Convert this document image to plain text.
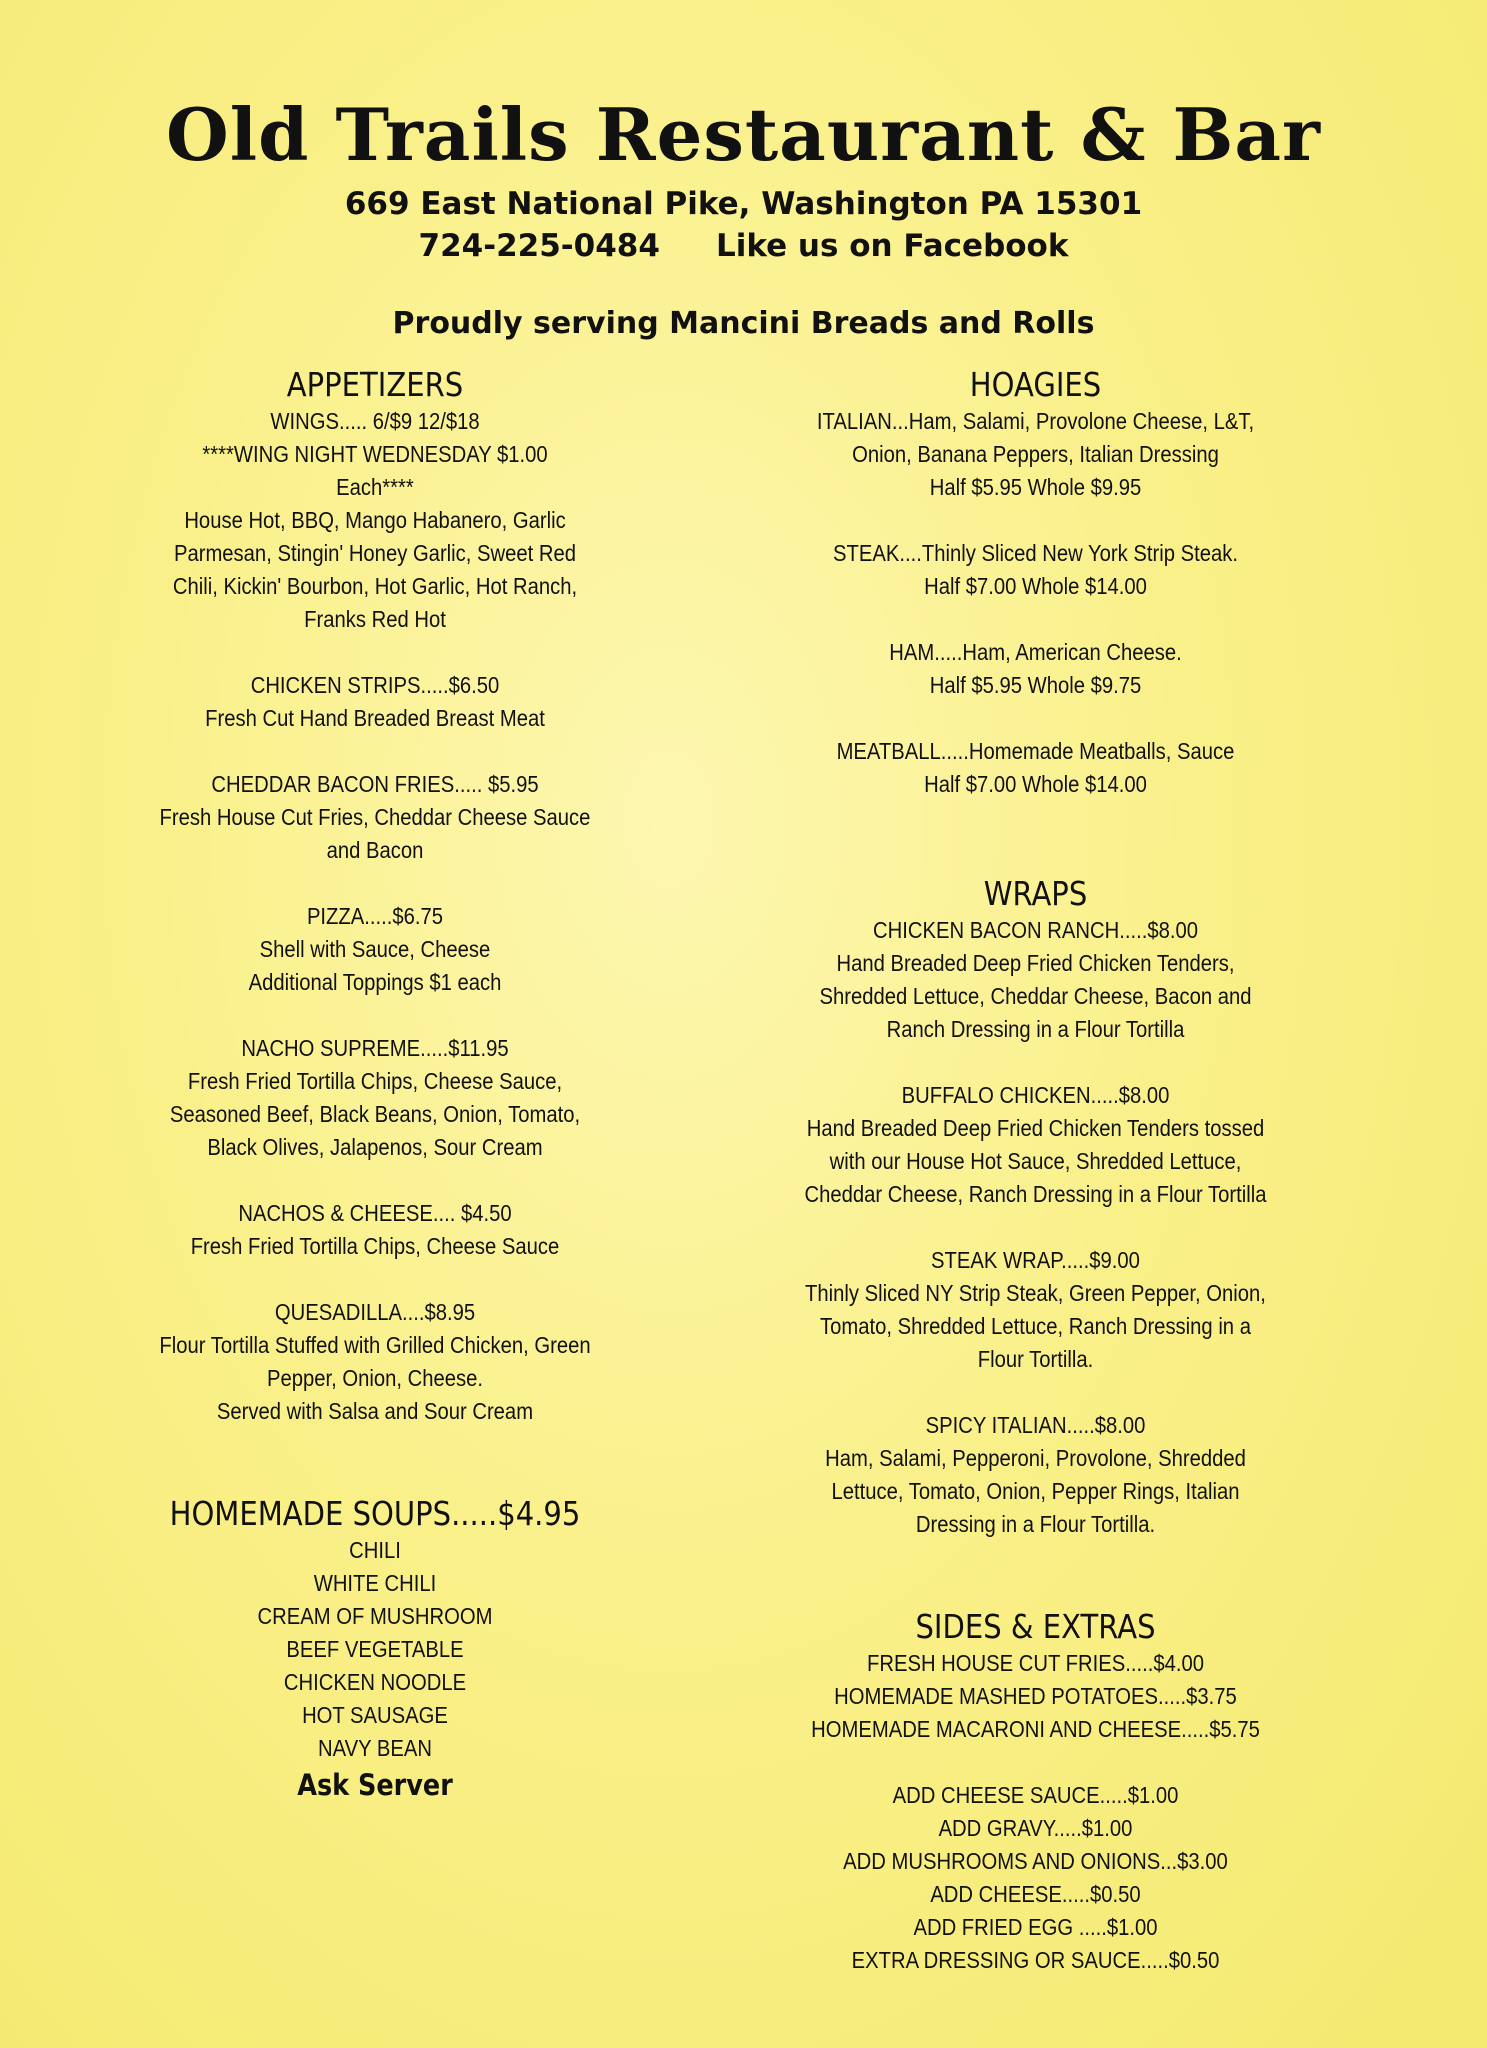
Old Trails Restaurant & Bar
669 East National Pike, Washington PA 15301
724-225-0484 Like us on Facebook
Proudly serving Mancini Breads and Rolls
APPETIZERS
WINGS..... 6/$9 12/$18
****WING NIGHT WEDNESDAY $1.00
Each****
House Hot, BBQ, Mango Habanero, Garlic Parmesan, Stingin' Honey Garlic, Sweet Red Chili, Kickin' Bourbon, Hot Garlic, Hot Ranch, Franks Red Hot
CHICKEN STRIPS.....$6.50
Fresh Cut Hand Breaded Breast Meat
CHEDDAR BACON FRIES..... $5.95
Fresh House Cut Fries, Cheddar Cheese Sauce and Bacon
PIZZA.....$6.75
Shell with Sauce, Cheese
Additional Toppings $1 each
NACHO SUPREME.....$11.95
Fresh Fried Tortilla Chips, Cheese Sauce, Seasoned Beef, Black Beans, Onion, Tomato, Black Olives, Jalapenos, Sour Cream
NACHOS & CHEESE.... $4.50
Fresh Fried Tortilla Chips, Cheese Sauce
QUESADILLA....$8.95
Flour Tortilla Stuffed with Grilled Chicken, Green Pepper, Onion, Cheese.
Served with Salsa and Sour Cream
HOMEMADE SOUPS.....$4.95
CHILI
WHITE CHILI
CREAM OF MUSHROOM
BEEF VEGETABLE
CHICKEN NOODLE
HOT SAUSAGE
NAVY BEAN
Ask Server
HOAGIES
ITALIAN...Ham, Salami, Provolone Cheese, L&T, Onion, Banana Peppers, Italian Dressing
Half $5.95 Whole $9.95
STEAK....Thinly Sliced New York Strip Steak.
Half $7.00 Whole $14.00
HAM.....Ham, American Cheese.
Half $5.95 Whole $9.75
MEATBALL.....Homemade Meatballs, Sauce
Half $7.00 Whole $14.00
WRAPS
CHICKEN BACON RANCH.....$8.00
Hand Breaded Deep Fried Chicken Tenders, Shredded Lettuce, Cheddar Cheese, Bacon and Ranch Dressing in a Flour Tortilla
BUFFALO CHICKEN.....$8.00
Hand Breaded Deep Fried Chicken Tenders tossed with our House Hot Sauce, Shredded Lettuce, Cheddar Cheese, Ranch Dressing in a Flour Tortilla
STEAK WRAP.....$9.00
Thinly Sliced NY Strip Steak, Green Pepper, Onion, Tomato, Shredded Lettuce, Ranch Dressing in a Flour Tortilla.
SPICY ITALIAN.....$8.00
Ham, Salami, Pepperoni, Provolone, Shredded Lettuce, Tomato, Onion, Pepper Rings, Italian Dressing in a Flour Tortilla.
SIDES & EXTRAS
FRESH HOUSE CUT FRIES.....$4.00
HOMEMADE MASHED POTATOES.....$3.75
HOMEMADE MACARONI AND CHEESE.....$5.75
ADD CHEESE SAUCE.....$1.00
ADD GRAVY.....$1.00
ADD MUSHROOMS AND ONIONS...$3.00
ADD CHEESE.....$0.50
ADD FRIED EGG .....$1.00
EXTRA DRESSING OR SAUCE.....$0.50
